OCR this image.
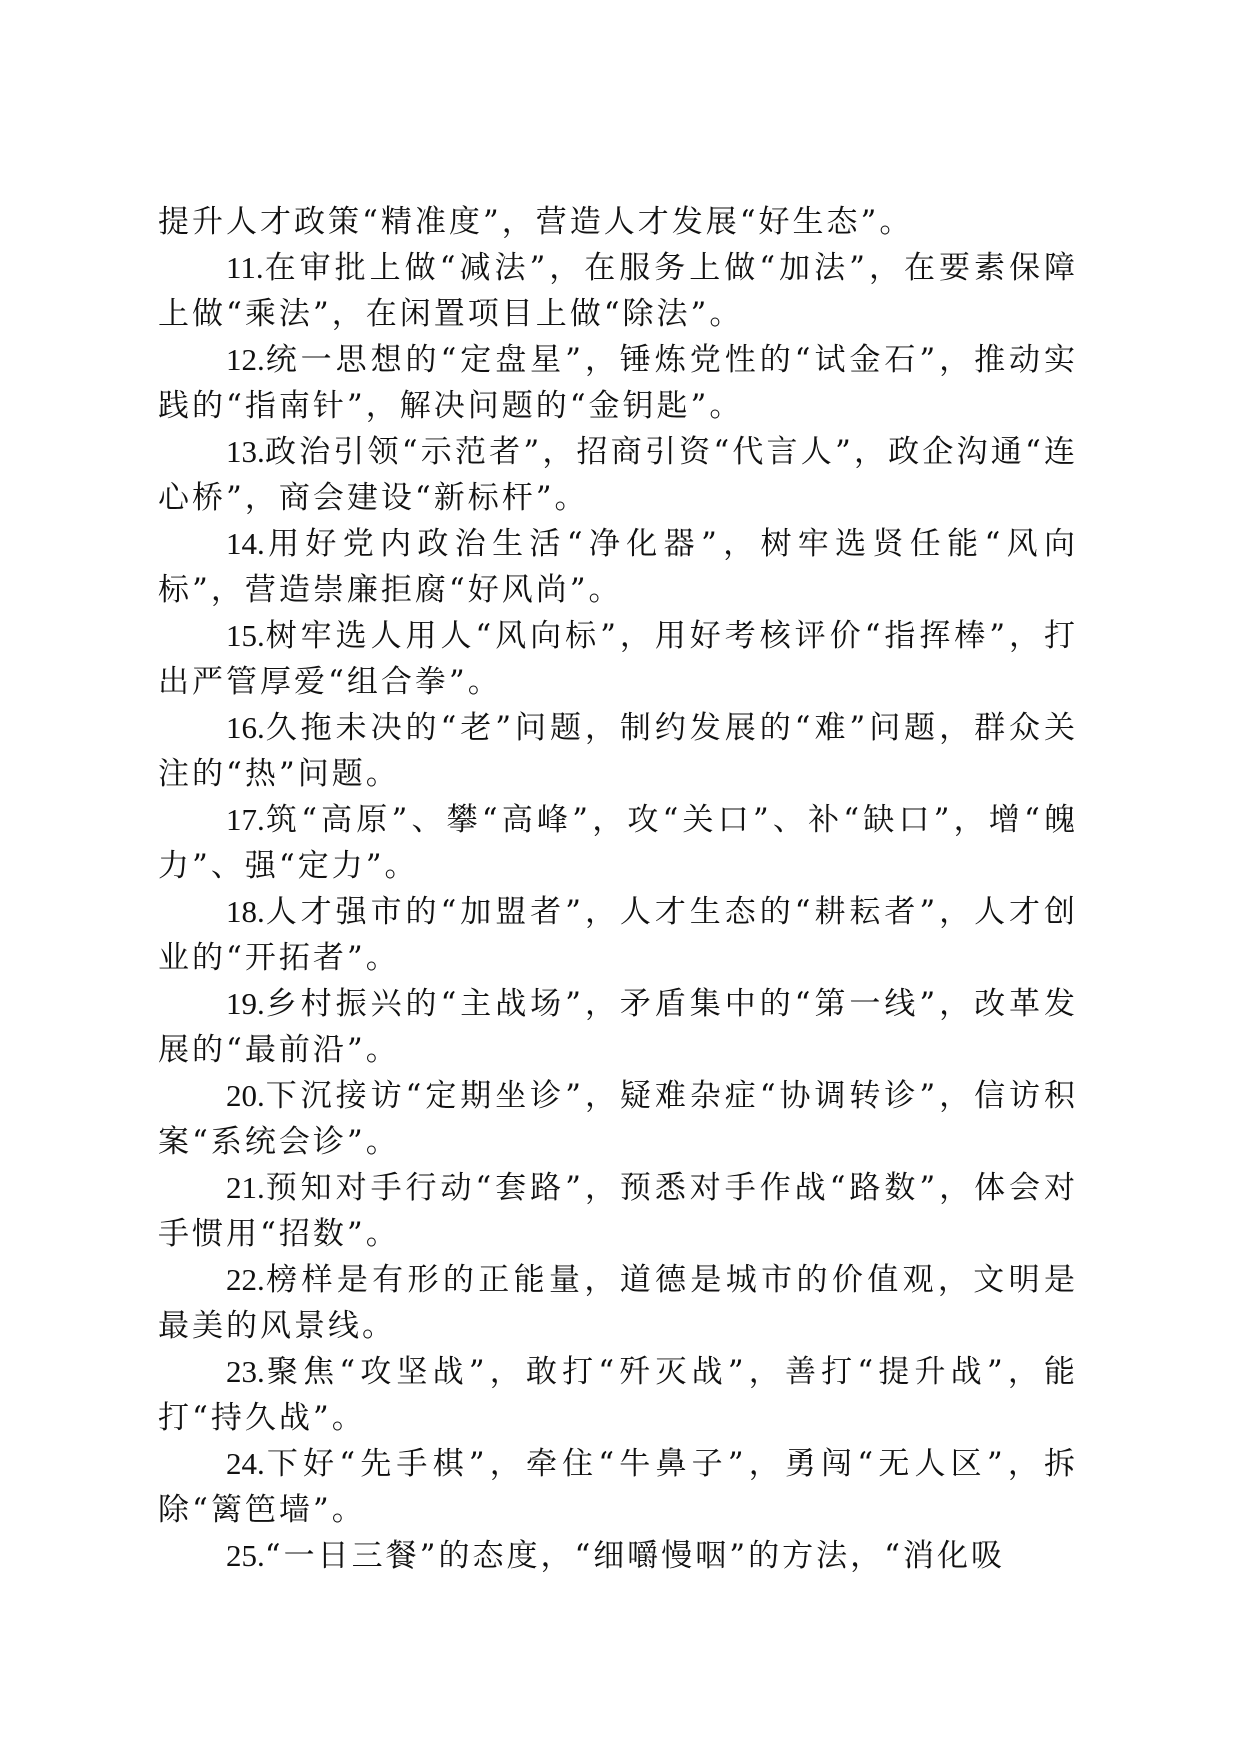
提升人才政策“精准度”，营造人才发展“好生态”。

11.在审批上做“减法”，在服务上做“加法”，在要素保障上做“乘法”，在闲置项目上做“除法”。

12.统一思想的“定盘星”，锤炼党性的“试金石”，推动实践的“指南针”，解决问题的“金钥匙”。

13.政治引领“示范者”，招商引资“代言人”，政企沟通“连心桥”，商会建设“新标杆”。

14.用好党内政治生活“净化器”，树牢选贤任能“风向标”，营造崇廉拒腐“好风尚”。

15.树牢选人用人“风向标”，用好考核评价“指挥棒”，打出严管厚爱“组合拳”。

16.久拖未决的“老”问题，制约发展的“难”问题，群众关注的“热”问题。

17.筑“高原”、攀“高峰”，攻“关口”、补“缺口”，增“魄力”、强“定力”。

18.人才强市的“加盟者”，人才生态的“耕耘者”，人才创业的“开拓者”。

19.乡村振兴的“主战场”，矛盾集中的“第一线”，改革发展的“最前沿”。

20.下沉接访“定期坐诊”，疑难杂症“协调转诊”，信访积案“系统会诊”。

21.预知对手行动“套路”，预悉对手作战“路数”，体会对手惯用“招数”。

22.榜样是有形的正能量，道德是城市的价值观，文明是最美的风景线。

23.聚焦“攻坚战”，敢打“歼灭战”，善打“提升战”，能打“持久战”。

24.下好“先手棋”，牵住“牛鼻子”，勇闯“无人区”，拆除“篱笆墙”。

25.“一日三餐”的态度，“细嚼慢咽”的方法，“消化吸
